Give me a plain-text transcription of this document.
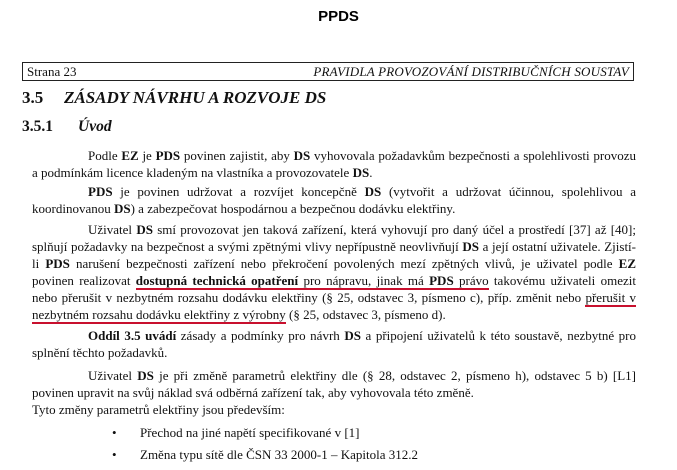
PPDS
Strana 23	PRAVIDLA PROVOZOVÁNÍ DISTRIBUČNÍCH SOUSTAV
3.5 ZÁSADY NÁVRHU A ROZVOJE DS
3.5.1 Úvod

Podle EZ je PDS povinen zajistit, aby DS vyhovovala požadavkům bezpečnosti a spolehlivosti provozu a podmínkám licence kladeným na vlastníka a provozovatele DS.

PDS je povinen udržovat a rozvíjet koncepčně DS (vytvořit a udržovat účinnou, spolehlivou a koordinovanou DS) a zabezpečovat hospodárnou a bezpečnou dodávku elektřiny.

Uživatel DS smí provozovat jen taková zařízení, která vyhovují pro daný účel a prostředí [37] až [40]; splňují požadavky na bezpečnost a svými zpětnými vlivy nepřípustně neovlivňují DS a její ostatní uživatele. Zjistí-li PDS narušení bezpečnosti zařízení nebo překročení povolených mezí zpětných vlivů, je uživatel podle EZ povinen realizovat dostupná technická opatření pro nápravu, jinak má PDS právo takovému uživateli omezit nebo přerušit v nezbytném rozsahu dodávku elektřiny (§ 25, odstavec 3, písmeno c), příp. změnit nebo přerušit v nezbytném rozsahu dodávku elektřiny z výrobny (§ 25, odstavec 3, písmeno d).

Oddíl 3.5 uvádí zásady a podmínky pro návrh DS a připojení uživatelů k této soustavě, nezbytné pro splnění těchto požadavků.

Uživatel DS je při změně parametrů elektřiny dle (§ 28, odstavec 2, písmeno h), odstavec 5 b) [L1] povinen upravit na svůj náklad svá odběrná zařízení tak, aby vyhovovala této změně.

Tyto změny parametrů elektřiny jsou především:

• Přechod na jiné napětí specifikované v [1]
• Změna typu sítě dle ČSN 33 2000-1 – Kapitola 312.2
